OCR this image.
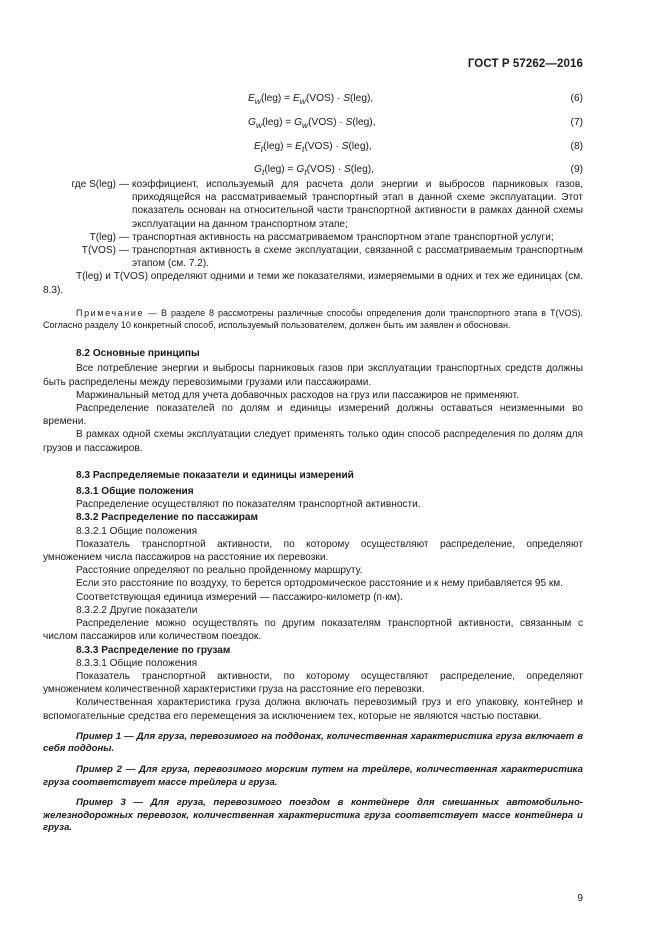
ГОСТ Р 57262—2016
$E_w(leg) = E_w(VOS) \cdot S(leg)$,	(6)
$G_w(leg) = G_w(VOS) \cdot S(leg)$,	(7)
$E_t(leg) = E_t(VOS) \cdot S(leg)$,	(8)
$G_t(leg) = G_t(VOS) \cdot S(leg)$,	(9)
где S(leg) — коэффициент, используемый для расчета доли энергии и выбросов парниковых газов, приходящейся на рассматриваемый транспортный этап в данной схеме эксплуатации. Этот показатель основан на относительной части транспортной активности в рамках данной схемы эксплуатации на данном транспортном этапе;
T(leg) — транспортная активность на рассматриваемом транспортном этапе транспортной услуги;
T(VOS) — транспортная активность в схеме эксплуатации, связанной с рассматриваемым транспортным этапом (см. 7.2).

T(leg) и T(VOS) определяют одними и теми же показателями, измеряемыми в одних и тех же единицах (см. 8.3).

Примечание — В разделе 8 рассмотрены различные способы определения доли транспортного этапа в T(VOS). Согласно разделу 10 конкретный способ, используемый пользователем, должен быть им заявлен и обоснован.

8.2 Основные принципы

Все потребление энергии и выбросы парниковых газов при эксплуатации транспортных средств должны быть распределены между перевозимыми грузами или пассажирами.

Маржинальный метод для учета добавочных расходов на груз или пассажиров не применяют.

Распределение показателей по долям и единицы измерений должны оставаться неизменными во времени.

В рамках одной схемы эксплуатации следует применять только один способ распределения по долям для грузов и пассажиров.

8.3 Распределяемые показатели и единицы измерений
8.3.1 Общие положения

Распределение осуществляют по показателям транспортной активности.

8.3.2 Распределение по пассажирам
8.3.2.1 Общие положения

Показатель транспортной активности, по которому осуществляют распределение, определяют умножением числа пассажиров на расстояние их перевозки.

Расстояние определяют по реально пройденному маршруту.

Если это расстояние по воздуху, то берется ортодромическое расстояние и к нему прибавляется 95 км.

Соответствующая единица измерений — пассажиро-километр (п·км).

8.3.2.2 Другие показатели

Распределение можно осуществлять по другим показателям транспортной активности, связанным с числом пассажиров или количеством поездок.

8.3.3 Распределение по грузам
8.3.3.1 Общие положения

Показатель транспортной активности, по которому осуществляют распределение, определяют умножением количественной характеристики груза на расстояние его перевозки.

Количественная характеристика груза должна включать перевозимый груз и его упаковку, контейнер и вспомогательные средства его перемещения за исключением тех, которые не являются частью поставки.

Пример 1 — Для груза, перевозимого на поддонах, количественная характеристика груза включает в себя поддоны.

Пример 2 — Для груза, перевозимого морским путем на трейлере, количественная характеристика груза соответствует массе трейлера и груза.

Пример 3 — Для груза, перевозимого поездом в контейнере для смешанных автомобильно-железнодорожных перевозок, количественная характеристика груза соответствует массе контейнера и груза.

9
